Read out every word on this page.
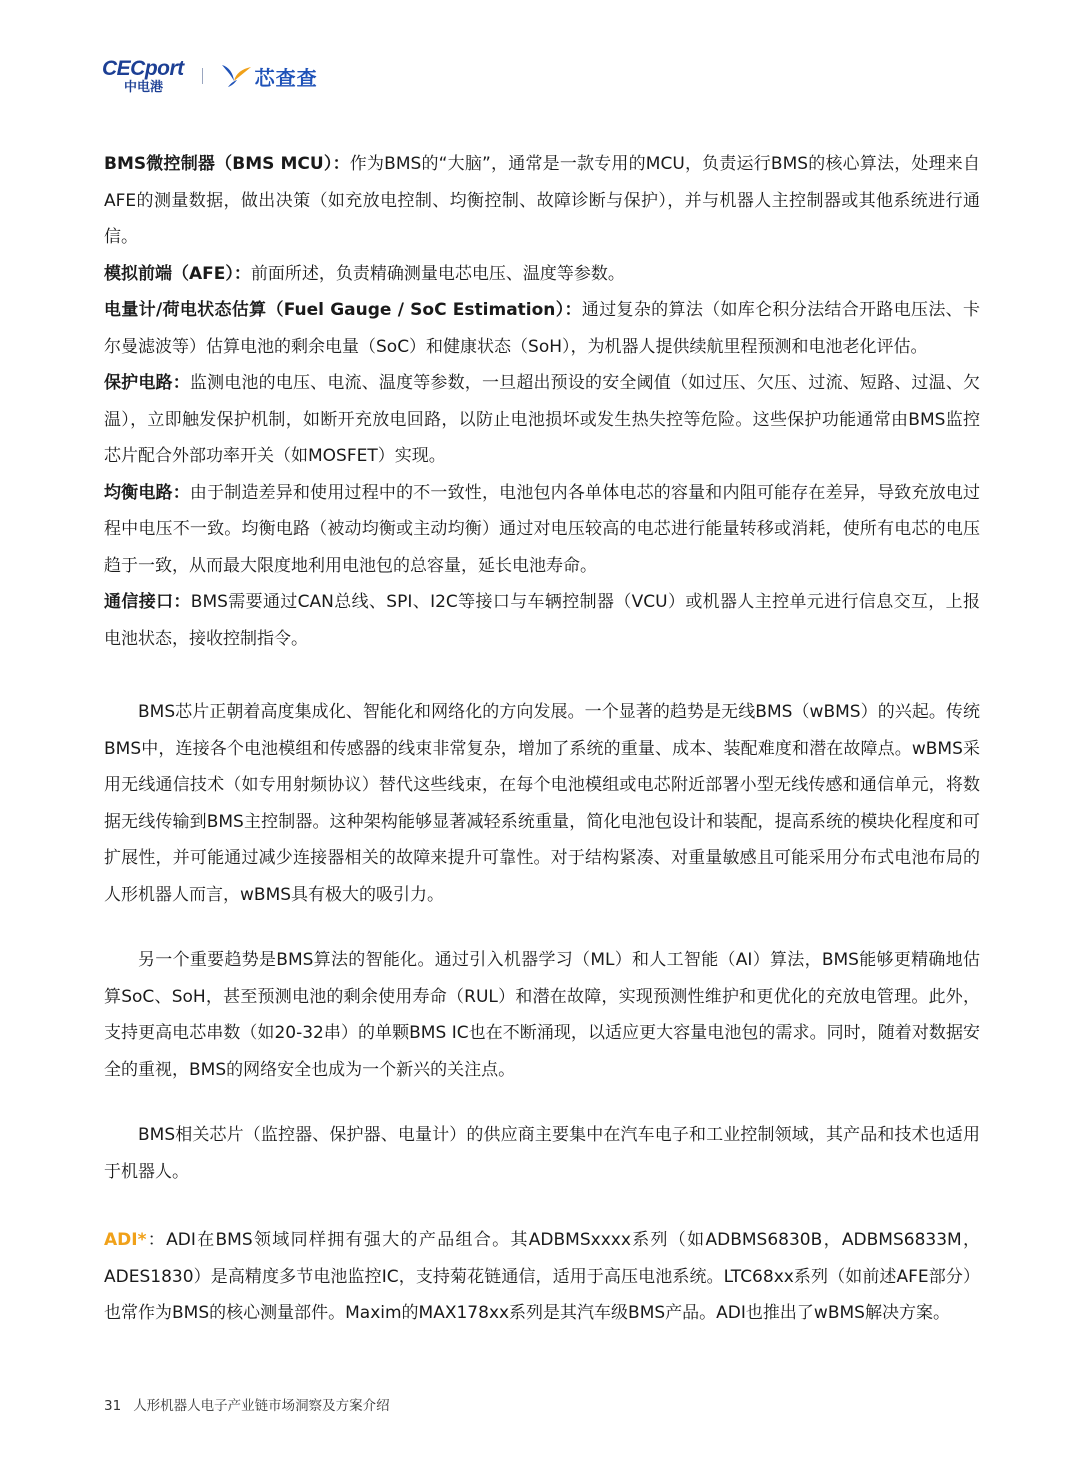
CECport
中电港	芯查查

BMS微控制器（BMS MCU）：作为BMS的“大脑”，通常是一款专用的MCU，负责运行BMS的核心算法，处理来自AFE的测量数据，做出决策（如充放电控制、均衡控制、故障诊断与保护），并与机器人主控制器或其他系统进行通信。

模拟前端（AFE）：前面所述，负责精确测量电芯电压、温度等参数。

电量计/荷电状态估算（Fuel Gauge / SoC Estimation）：通过复杂的算法（如库仑积分法结合开路电压法、卡尔曼滤波等）估算电池的剩余电量（SoC）和健康状态（SoH），为机器人提供续航里程预测和电池老化评估。

保护电路：监测电池的电压、电流、温度等参数，一旦超出预设的安全阈值（如过压、欠压、过流、短路、过温、欠温），立即触发保护机制，如断开充放电回路，以防止电池损坏或发生热失控等危险。这些保护功能通常由BMS监控芯片配合外部功率开关（如MOSFET）实现。

均衡电路：由于制造差异和使用过程中的不一致性，电池包内各单体电芯的容量和内阻可能存在差异，导致充放电过程中电压不一致。均衡电路（被动均衡或主动均衡）通过对电压较高的电芯进行能量转移或消耗，使所有电芯的电压趋于一致，从而最大限度地利用电池包的总容量，延长电池寿命。

通信接口：BMS需要通过CAN总线、SPI、I2C等接口与车辆控制器（VCU）或机器人主控单元进行信息交互，上报电池状态，接收控制指令。

BMS芯片正朝着高度集成化、智能化和网络化的方向发展。一个显著的趋势是无线BMS（wBMS）的兴起。传统BMS中，连接各个电池模组和传感器的线束非常复杂，增加了系统的重量、成本、装配难度和潜在故障点。wBMS采用无线通信技术（如专用射频协议）替代这些线束，在每个电池模组或电芯附近部署小型无线传感和通信单元，将数据无线传输到BMS主控制器。这种架构能够显著减轻系统重量，简化电池包设计和装配，提高系统的模块化程度和可扩展性，并可能通过减少连接器相关的故障来提升可靠性。对于结构紧凑、对重量敏感且可能采用分布式电池布局的人形机器人而言，wBMS具有极大的吸引力。

另一个重要趋势是BMS算法的智能化。通过引入机器学习（ML）和人工智能（AI）算法，BMS能够更精确地估算SoC、SoH，甚至预测电池的剩余使用寿命（RUL）和潜在故障，实现预测性维护和更优化的充放电管理。此外，支持更高电芯串数（如20-32串）的单颗BMS IC也在不断涌现，以适应更大容量电池包的需求。同时，随着对数据安全的重视，BMS的网络安全也成为一个新兴的关注点。

BMS相关芯片（监控器、保护器、电量计）的供应商主要集中在汽车电子和工业控制领域，其产品和技术也适用于机器人。

ADI*：ADI在BMS领域同样拥有强大的产品组合。其ADBMSxxxx系列（如ADBMS6830B，ADBMS6833M，ADES1830）是高精度多节电池监控IC，支持菊花链通信，适用于高压电池系统。LTC68xx系列（如前述AFE部分）也常作为BMS的核心测量部件。Maxim的MAX178xx系列是其汽车级BMS产品。ADI也推出了wBMS解决方案。

31 人形机器人电子产业链市场洞察及方案介绍
